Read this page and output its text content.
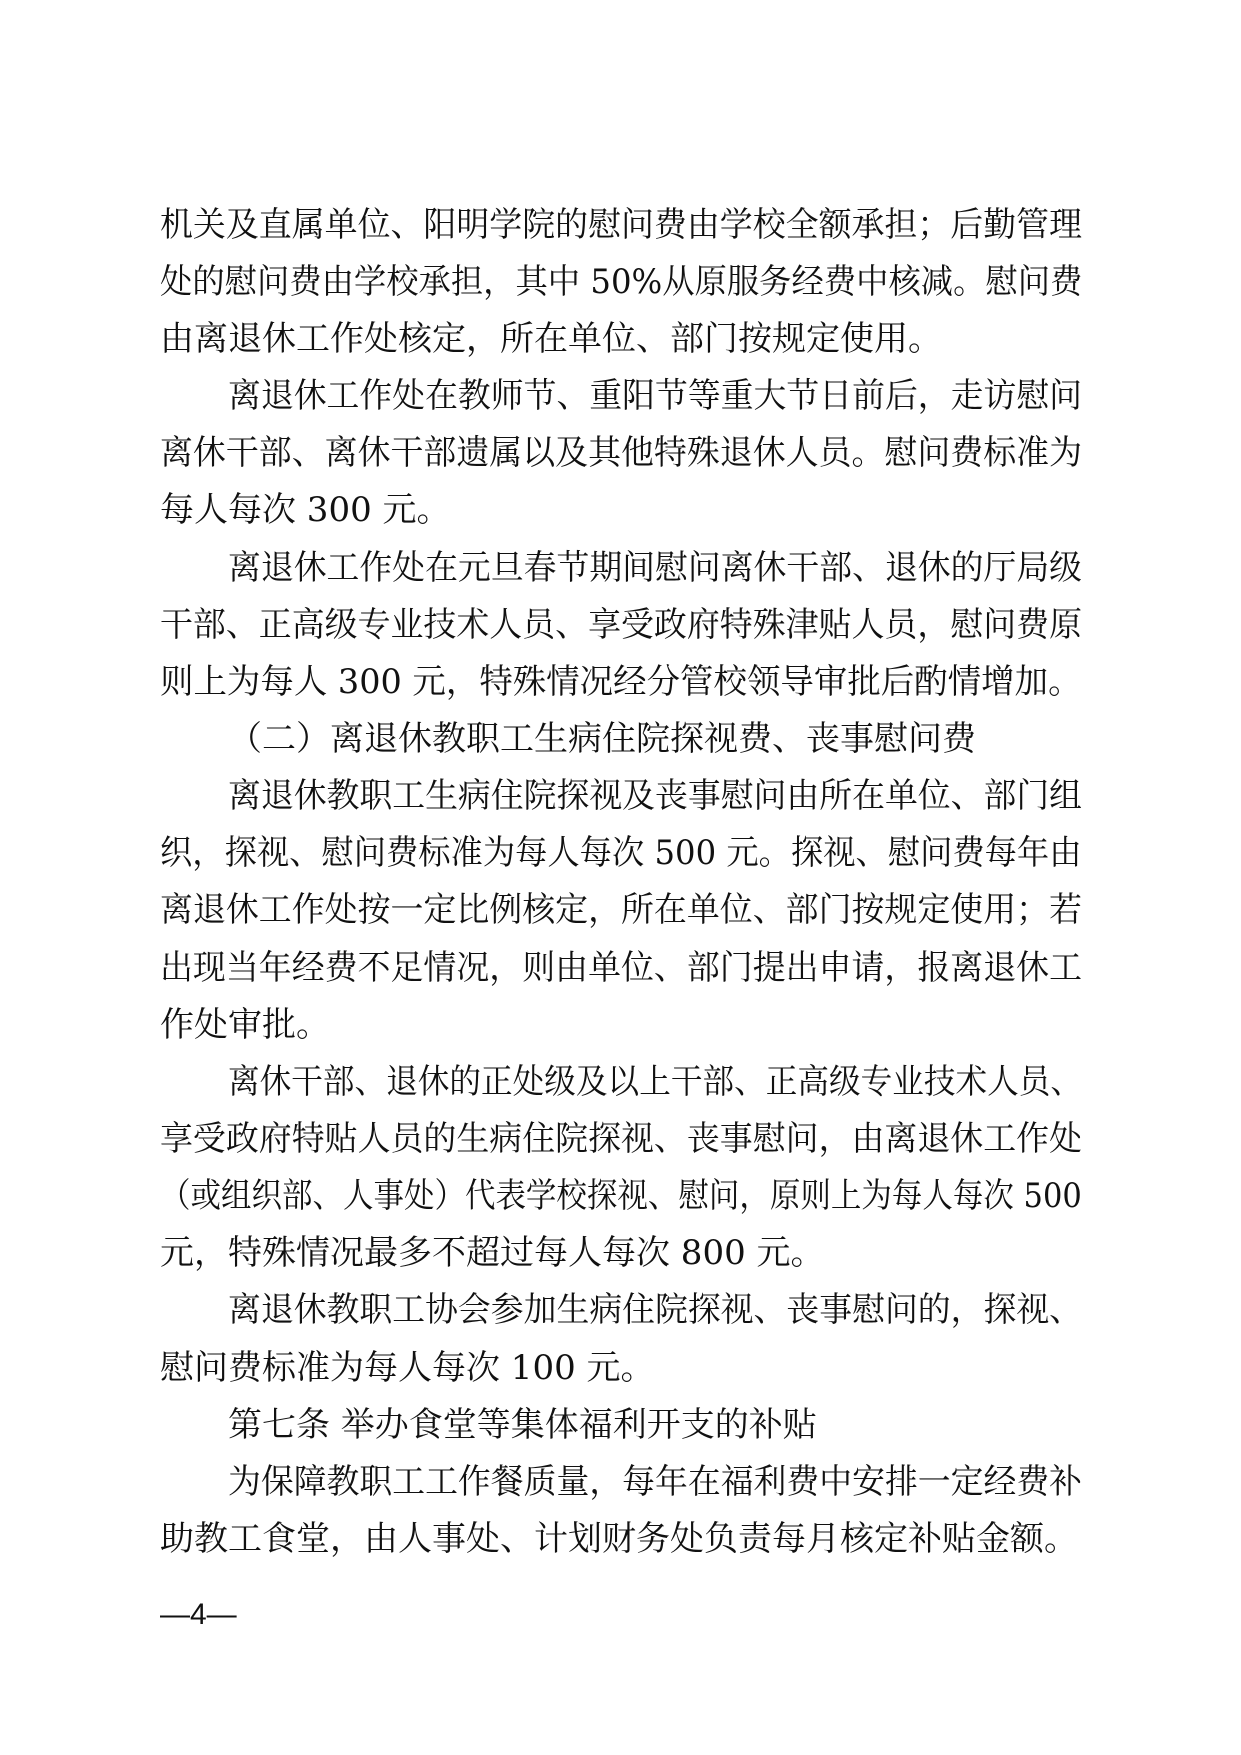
机关及直属单位、阳明学院的慰问费由学校全额承担；后勤管理
处的慰问费由学校承担，其中 50%从原服务经费中核减。慰问费
由离退休工作处核定，所在单位、部门按规定使用。
离退休工作处在教师节、重阳节等重大节日前后，走访慰问
离休干部、离休干部遗属以及其他特殊退休人员。慰问费标准为
每人每次 300 元。
离退休工作处在元旦春节期间慰问离休干部、退休的厅局级
干部、正高级专业技术人员、享受政府特殊津贴人员，慰问费原
则上为每人 300 元，特殊情况经分管校领导审批后酌情增加。
（二）离退休教职工生病住院探视费、丧事慰问费
离退休教职工生病住院探视及丧事慰问由所在单位、部门组
织，探视、慰问费标准为每人每次 500 元。探视、慰问费每年由
离退休工作处按一定比例核定，所在单位、部门按规定使用；若
出现当年经费不足情况，则由单位、部门提出申请，报离退休工
作处审批。
离休干部、退休的正处级及以上干部、正高级专业技术人员、
享受政府特贴人员的生病住院探视、丧事慰问，由离退休工作处
（或组织部、人事处）代表学校探视、慰问，原则上为每人每次 500
元，特殊情况最多不超过每人每次 800 元。
离退休教职工协会参加生病住院探视、丧事慰问的，探视、
慰问费标准为每人每次 100 元。
第七条 举办食堂等集体福利开支的补贴
为保障教职工工作餐质量，每年在福利费中安排一定经费补
助教工食堂，由人事处、计划财务处负责每月核定补贴金额。
—4—
